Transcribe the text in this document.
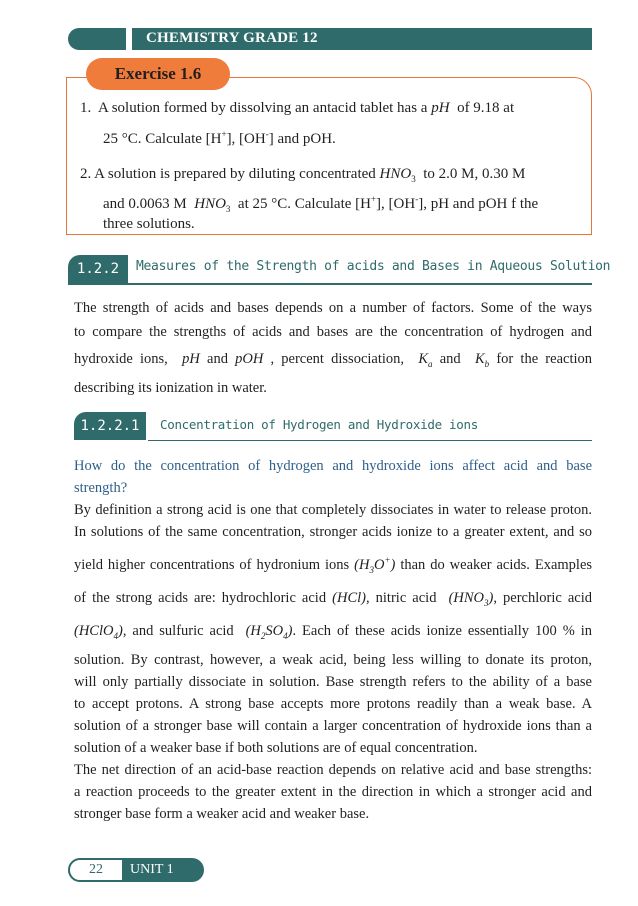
CHEMISTRY GRADE 12
Exercise 1.6
1. A solution formed by dissolving an antacid tablet has a pH of 9.18 at
25 °C. Calculate [H+], [OH-] and pOH.
2. A solution is prepared by diluting concentrated $HNO_3$ to 2.0 M, 0.30 M
and 0.0063 M $HNO_3$ at 25 °C. Calculate [H+], [OH-], pH and pOH f the
three solutions.
1.2.2	Measures of the Strength of acids and Bases in Aqueous Solution
The strength of acids and bases depends on a number of factors. Some of the ways
to compare the strengths of acids and bases are the concentration of hydrogen and
hydroxide ions, pH and pOH , percent dissociation, $K_a$ and $K_b$ for the reaction
describing its ionization in water.
1.2.2.1	Concentration of Hydrogen and Hydroxide ions
How do the concentration of hydrogen and hydroxide ions affect acid and base
strength?
By definition a strong acid is one that completely dissociates in water to release proton.
In solutions of the same concentration, stronger acids ionize to a greater extent, and so
yield higher concentrations of hydronium ions $(H_3O^+)$ than do weaker acids. Examples
of the strong acids are: hydrochloric acid (HCl), nitric acid $(HNO_3)$, perchloric acid
(HClO$_4$), and sulfuric acid $(H_2SO_4)$. Each of these acids ionize essentially 100 % in
solution. By contrast, however, a weak acid, being less willing to donate its proton,
will only partially dissociate in solution. Base strength refers to the ability of a base
to accept protons. A strong base accepts more protons readily than a weak base. A
solution of a stronger base will contain a larger concentration of hydroxide ions than a
solution of a weaker base if both solutions are of equal concentration.
The net direction of an acid-base reaction depends on relative acid and base strengths:
a reaction proceeds to the greater extent in the direction in which a stronger acid and
stronger base form a weaker acid and weaker base.
22	UNIT 1
